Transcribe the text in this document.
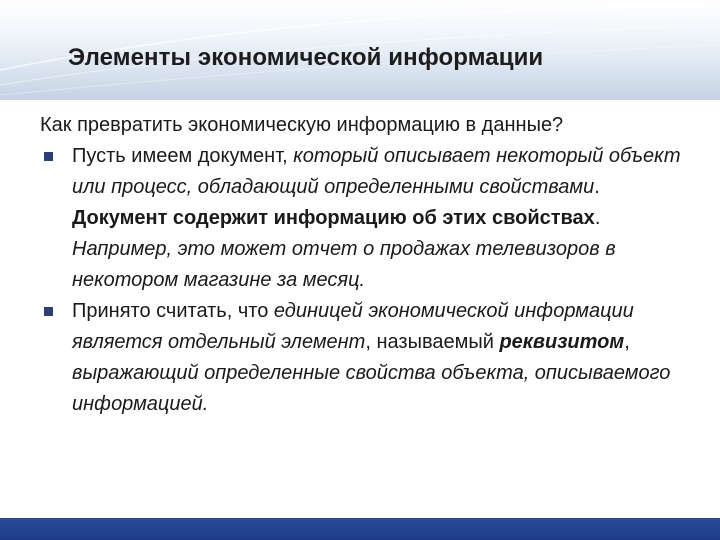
Элементы экономической информации

Как превратить экономическую информацию в данные?

Пусть имеем документ, который описывает некоторый объект или процесс, обладающий определенными свойствами. Документ содержит информацию об этих свойствах. Например, это может отчет о продажах телевизоров в некотором магазине за месяц.

Принято считать, что единицей экономической информации является отдельный элемент, называемый реквизитом, выражающий определенные свойства объекта, описываемого информацией.
